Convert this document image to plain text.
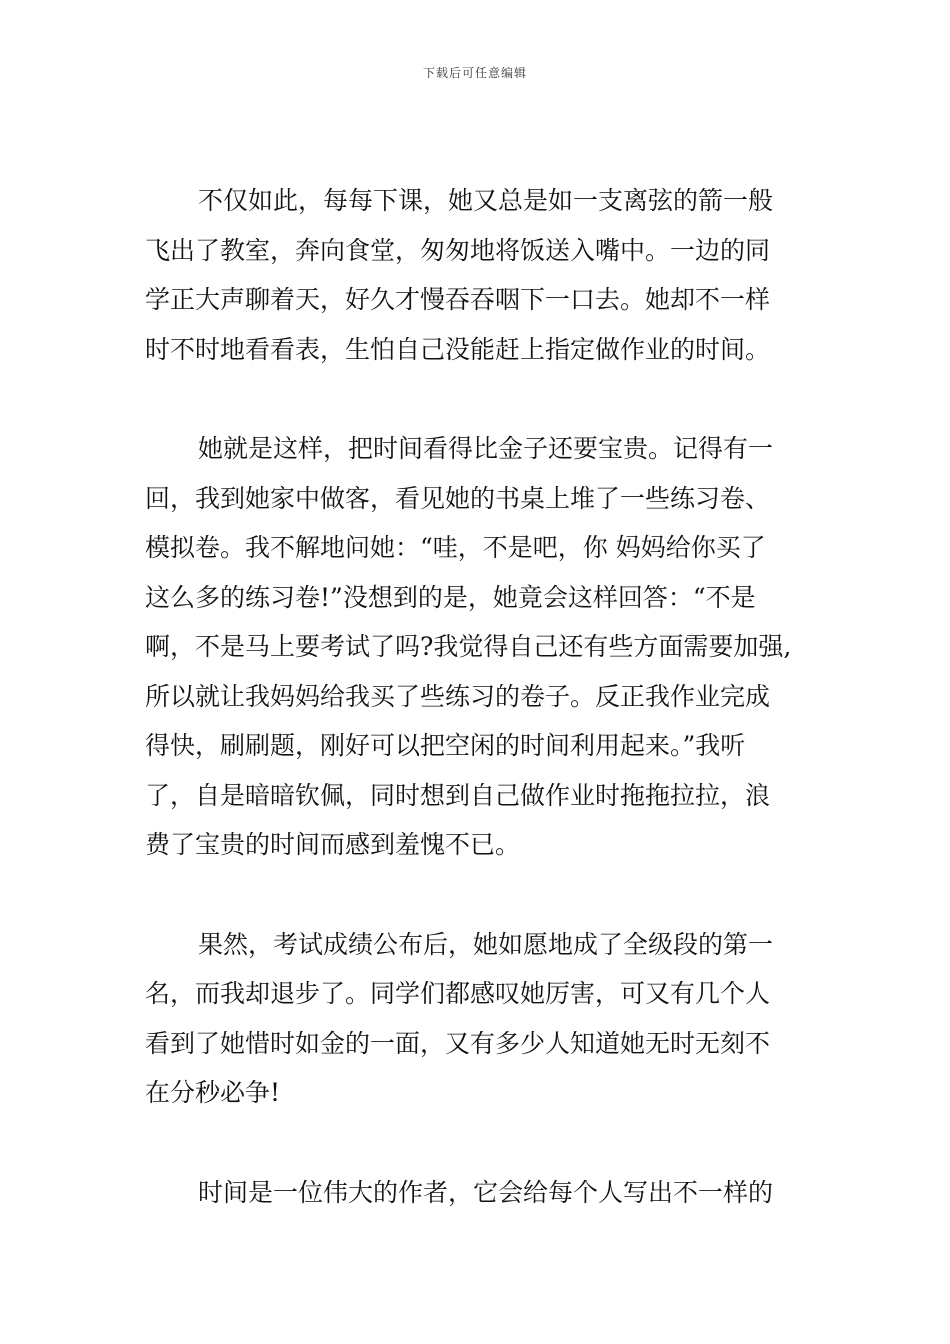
下载后可任意编辑
不仅如此，每每下课，她又总是如一支离弦的箭一般
飞出了教室，奔向食堂，匆匆地将饭送入嘴中。一边的同
学正大声聊着天，好久才慢吞吞咽下一口去。她却不一样
时不时地看看表，生怕自己没能赶上指定做作业的时间。
她就是这样，把时间看得比金子还要宝贵。记得有一
回，我到她家中做客，看见她的书桌上堆了一些练习卷、
模拟卷。我不解地问她：“哇，不是吧，你 妈妈给你买了
这么多的练习卷!”没想到的是，她竟会这样回答：“不是
啊，不是马上要考试了吗?我觉得自己还有些方面需要加强,
所以就让我妈妈给我买了些练习的卷子。反正我作业完成
得快，刷刷题，刚好可以把空闲的时间利用起来。”我听
了，自是暗暗钦佩，同时想到自己做作业时拖拖拉拉，浪
费了宝贵的时间而感到羞愧不已。
果然，考试成绩公布后，她如愿地成了全级段的第一
名，而我却退步了。同学们都感叹她厉害，可又有几个人
看到了她惜时如金的一面，又有多少人知道她无时无刻不
在分秒必争!
时间是一位伟大的作者，它会给每个人写出不一样的
